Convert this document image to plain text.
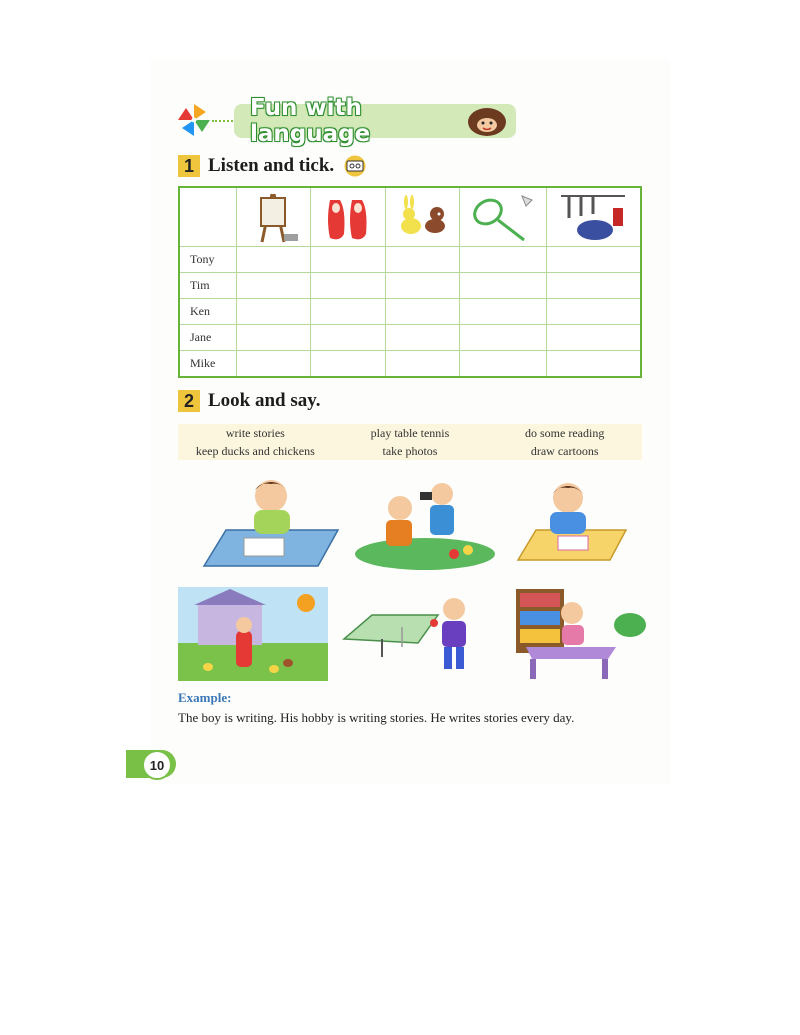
Fun with language
1 Listen and tick.

Tony					
Tim					
Ken					
Jane					
Mike					
2 Look and say.
write stories	play table tennis	do some reading
keep ducks and chickens	take photos	draw cartoons
Example:
The boy is writing. His hobby is writing stories. He writes stories every day.
10
